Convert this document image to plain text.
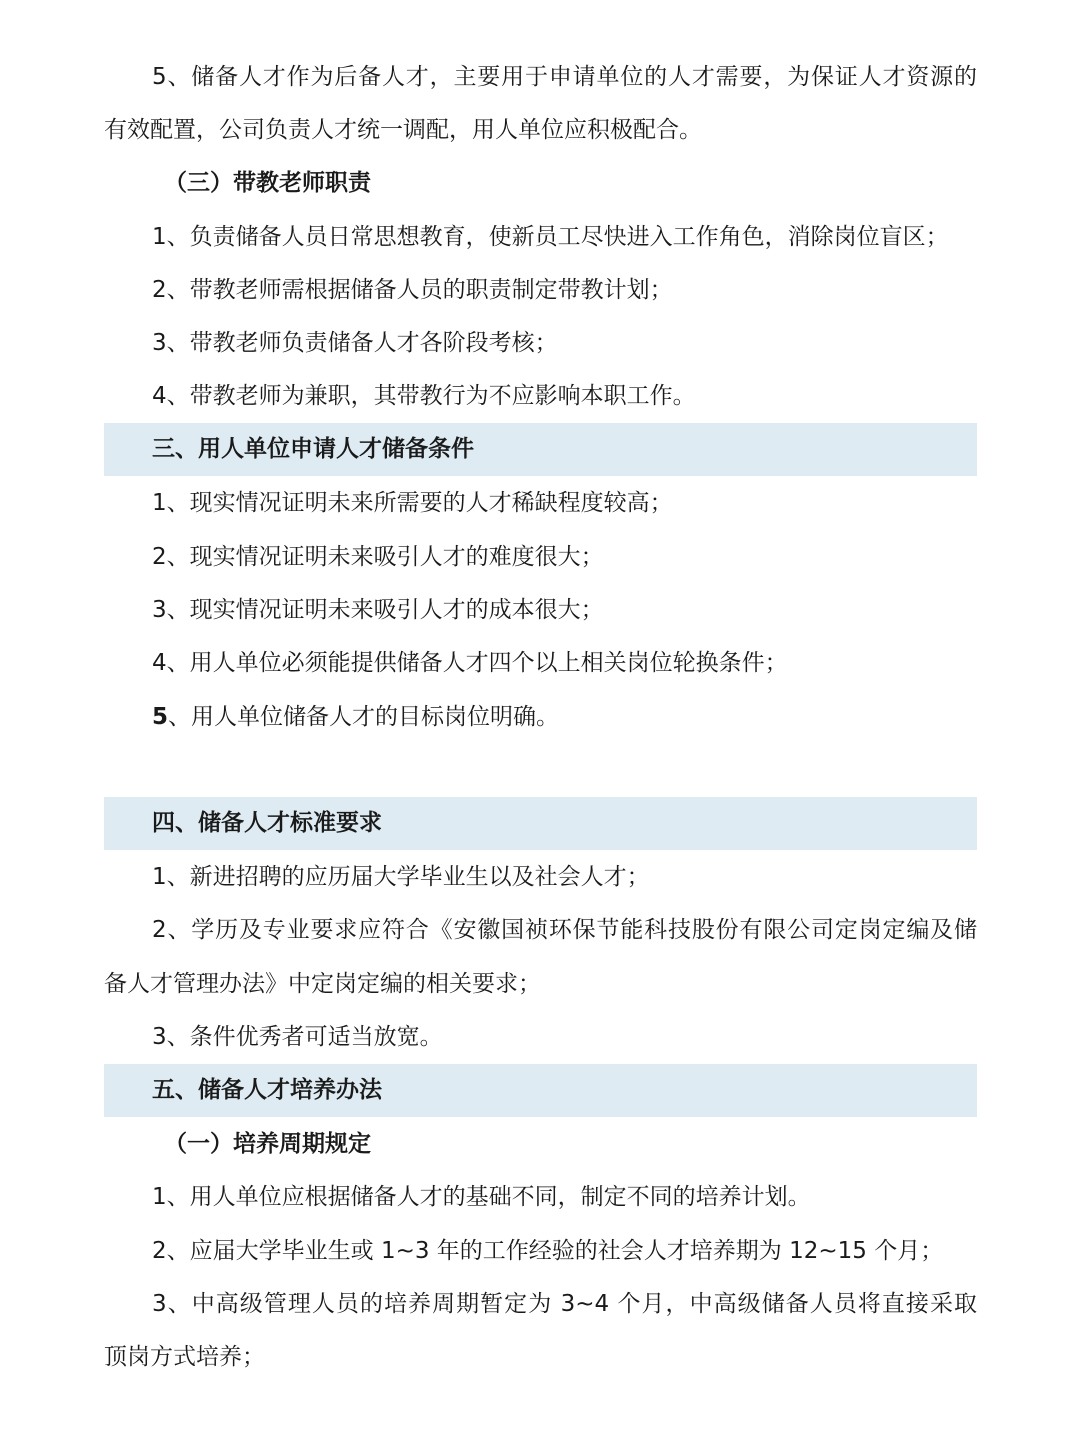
5、储备人才作为后备人才，主要用于申请单位的人才需要，为保证人才资源的
有效配置，公司负责人才统一调配，用人单位应积极配合。
（三）带教老师职责
1、负责储备人员日常思想教育，使新员工尽快进入工作角色，消除岗位盲区；
2、带教老师需根据储备人员的职责制定带教计划；
3、带教老师负责储备人才各阶段考核；
4、带教老师为兼职，其带教行为不应影响本职工作。
三、用人单位申请人才储备条件
1、现实情况证明未来所需要的人才稀缺程度较高；
2、现实情况证明未来吸引人才的难度很大；
3、现实情况证明未来吸引人才的成本很大；
4、用人单位必须能提供储备人才四个以上相关岗位轮换条件；
5、用人单位储备人才的目标岗位明确。
四、储备人才标准要求
1、新进招聘的应历届大学毕业生以及社会人才；
2、学历及专业要求应符合《安徽国祯环保节能科技股份有限公司定岗定编及储
备人才管理办法》中定岗定编的相关要求；
3、条件优秀者可适当放宽。
五、储备人才培养办法
（一）培养周期规定
1、用人单位应根据储备人才的基础不同，制定不同的培养计划。
2、应届大学毕业生或 1~3 年的工作经验的社会人才培养期为 12~15 个月；
3、中高级管理人员的培养周期暂定为 3~4 个月，中高级储备人员将直接采取
顶岗方式培养；
